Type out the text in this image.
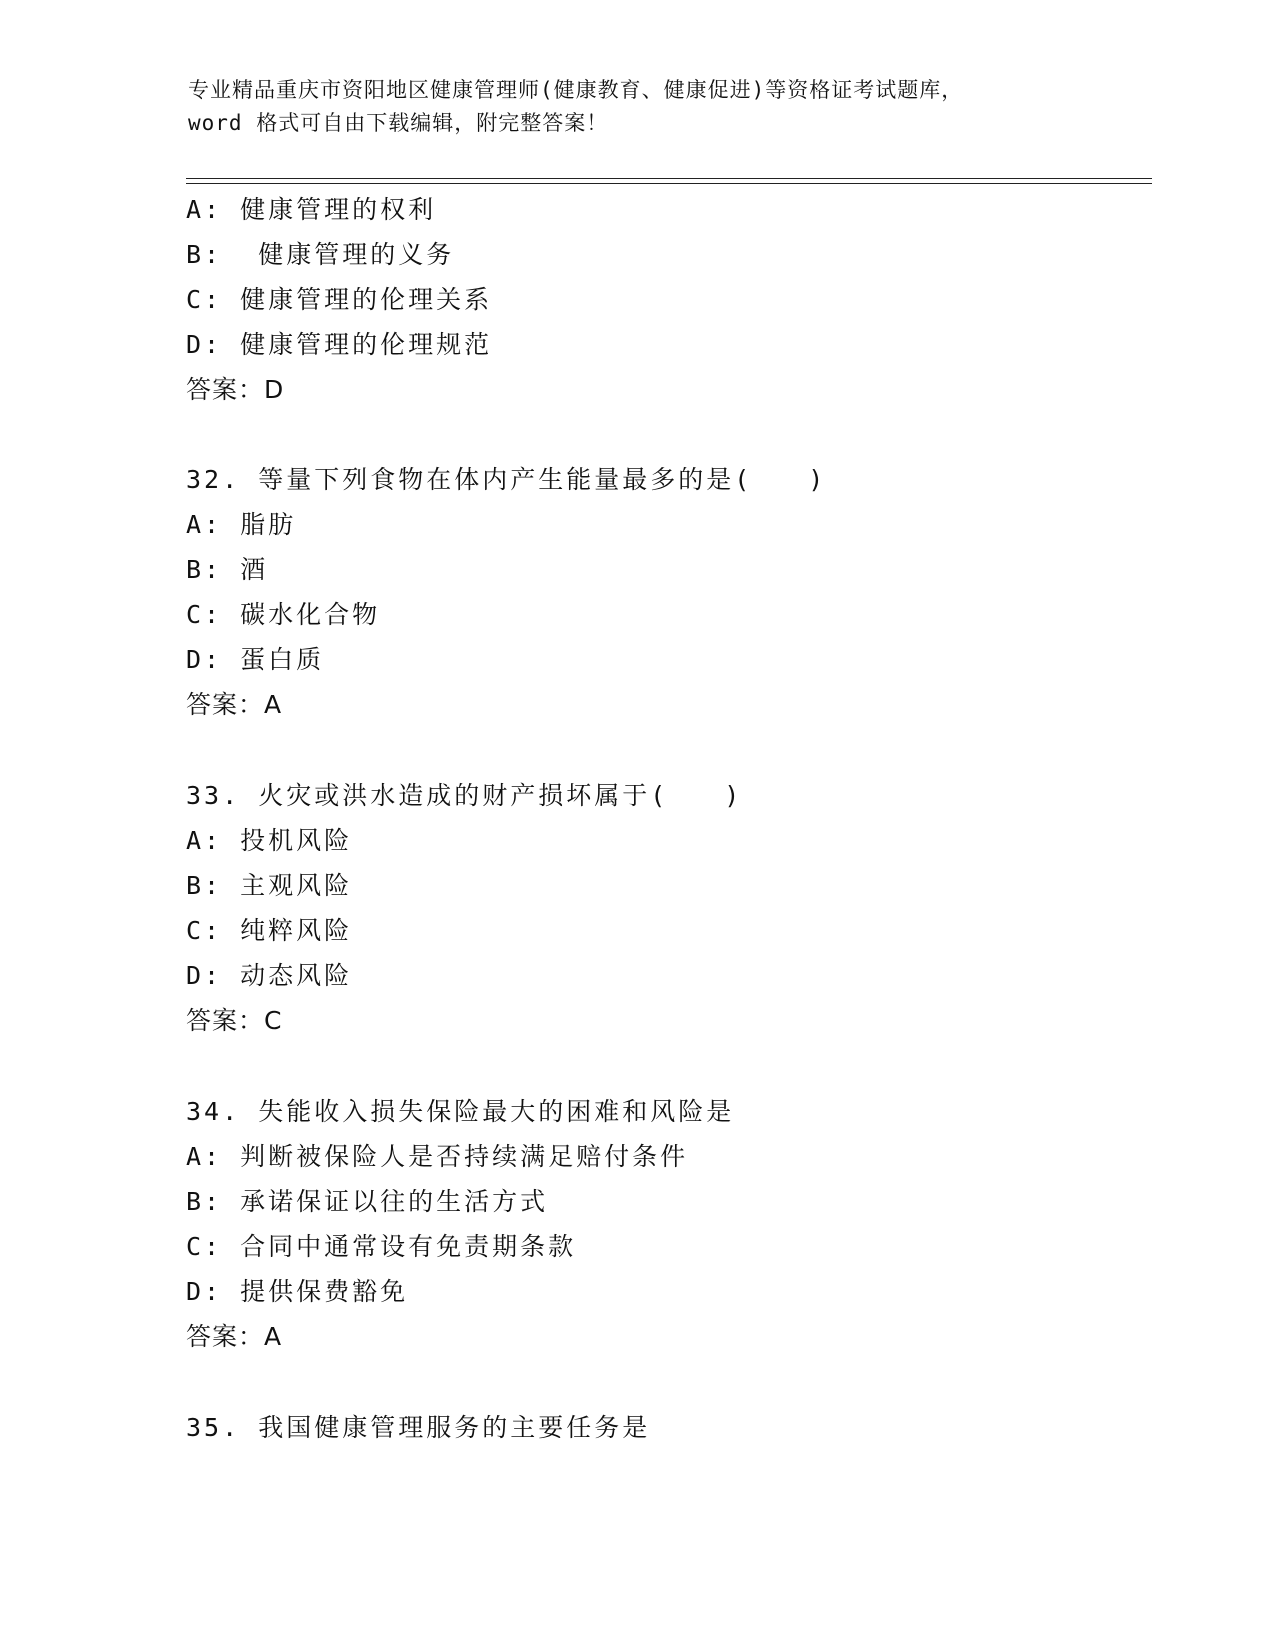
专业精品重庆市资阳地区健康管理师(健康教育、健康促进)等资格证考试题库，
word 格式可自由下载编辑，附完整答案！
A: 健康管理的权利
B:  健康管理的义务
C: 健康管理的伦理关系
D: 健康管理的伦理规范
答案：D
32. 等量下列食物在体内产生能量最多的是(　　)
A: 脂肪
B: 酒
C: 碳水化合物
D: 蛋白质
答案：A
33. 火灾或洪水造成的财产损坏属于(　　)
A: 投机风险
B: 主观风险
C: 纯粹风险
D: 动态风险
答案：C
34. 失能收入损失保险最大的困难和风险是
A: 判断被保险人是否持续满足赔付条件
B: 承诺保证以往的生活方式
C: 合同中通常设有免责期条款
D: 提供保费豁免
答案：A
35. 我国健康管理服务的主要任务是
